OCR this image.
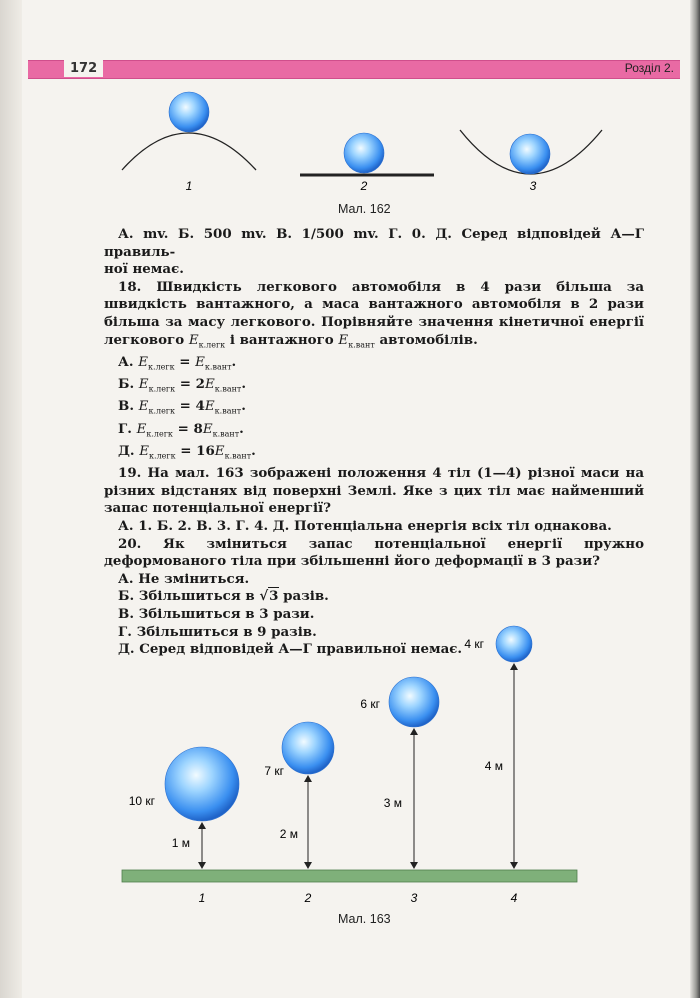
172	Розділ 2.
1	2	3
10 кг
1 м
7 кг
2 м
6 кг
3 м
4 кг
4 м
1	2	3	4
Мал. 162
Мал. 163

А. mv. Б. 500 mv. В. 1/500 mv. Г. 0. Д. Серед відповідей А—Г правиль-
ної немає.

18. Швидкість легкового автомобіля в 4 рази більша за швидкість вантажного, а маса вантажного автомобіля в 2 рази більша за масу легкового. Порівняйте значення кінетичної енергії легкового $E_{к.легк}$ і вантажного $E_{к.вант}$ автомобілів.

А. $E_{к.легк} = E_{к.вант}$.

Б. $E_{к.легк} = 2E_{к.вант}$.

В. $E_{к.легк} = 4E_{к.вант}$.

Г. $E_{к.легк} = 8E_{к.вант}$.

Д. $E_{к.легк} = 16E_{к.вант}$.

19. На мал. 163 зображені положення 4 тіл (1—4) різної маси на різних відстанях від поверхні Землі. Яке з цих тіл має найменший запас потенціальної енергії?

А. 1. Б. 2. В. 3. Г. 4. Д. Потенціальна енергія всіх тіл однакова.

20. Як зміниться запас потенціальної енергії пружно деформованого тіла при збільшенні його деформації в 3 рази?

А. Не зміниться.

Б. Збільшиться в √3 разів.

В. Збільшиться в 3 рази.

Г. Збільшиться в 9 разів.

Д. Серед відповідей А—Г правильної немає.
